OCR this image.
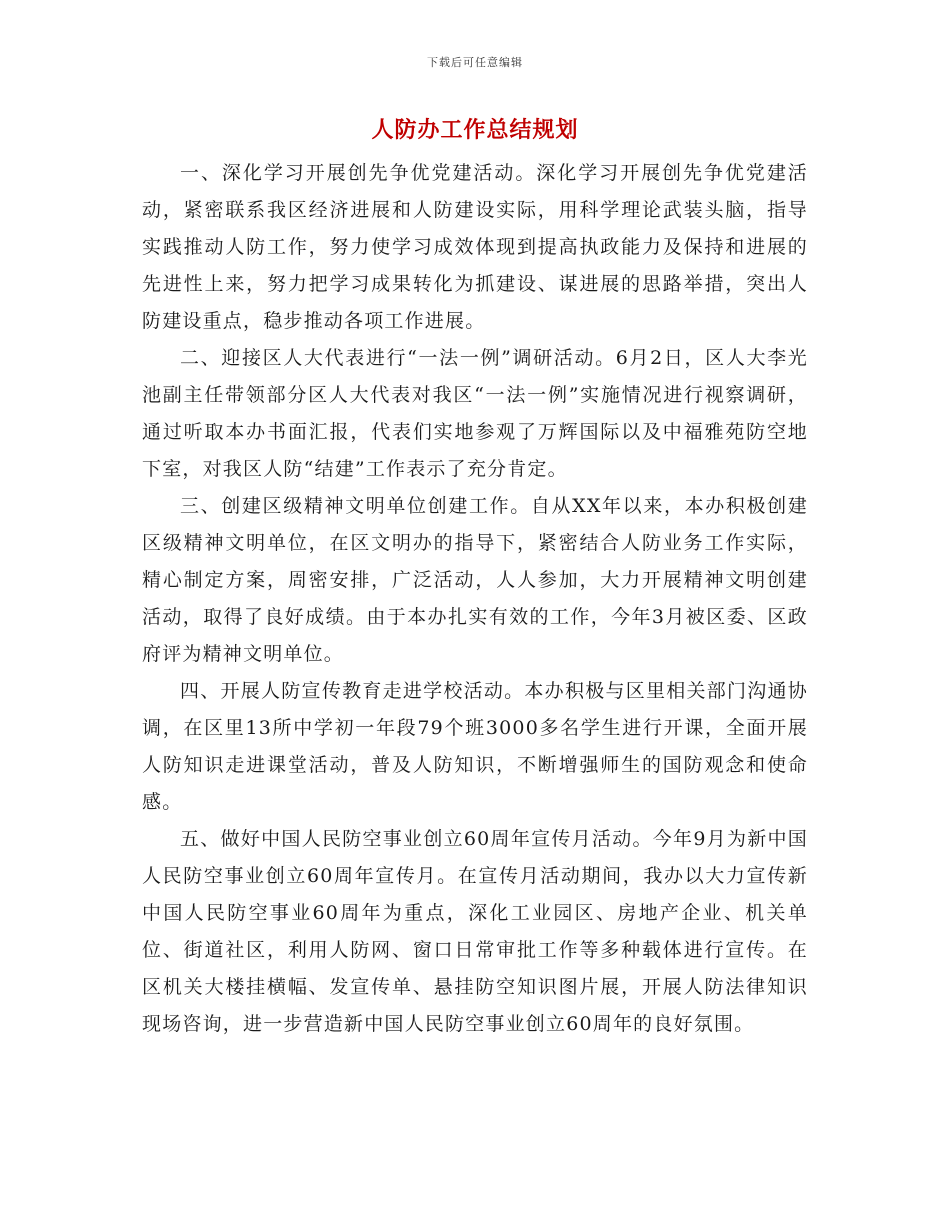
下载后可任意编辑
人防办工作总结规划

一、深化学习开展创先争优党建活动。深化学习开展创先争优党建活动，紧密联系我区经济进展和人防建设实际，用科学理论武装头脑，指导实践推动人防工作，努力使学习成效体现到提高执政能力及保持和进展的先进性上来，努力把学习成果转化为抓建设、谋进展的思路举措，突出人防建设重点，稳步推动各项工作进展。

二、迎接区人大代表进行“一法一例”调研活动。6月2日，区人大李光池副主任带领部分区人大代表对我区“一法一例”实施情况进行视察调研，通过听取本办书面汇报，代表们实地参观了万辉国际以及中福雅苑防空地下室，对我区人防“结建”工作表示了充分肯定。

三、创建区级精神文明单位创建工作。自从XX年以来，本办积极创建区级精神文明单位，在区文明办的指导下，紧密结合人防业务工作实际，精心制定方案，周密安排，广泛活动，人人参加，大力开展精神文明创建活动，取得了良好成绩。由于本办扎实有效的工作，今年3月被区委、区政府评为精神文明单位。

四、开展人防宣传教育走进学校活动。本办积极与区里相关部门沟通协调，在区里13所中学初一年段79个班3000多名学生进行开课，全面开展人防知识走进课堂活动，普及人防知识，不断增强师生的国防观念和使命感。

五、做好中国人民防空事业创立60周年宣传月活动。今年9月为新中国人民防空事业创立60周年宣传月。在宣传月活动期间，我办以大力宣传新中国人民防空事业60周年为重点，深化工业园区、房地产企业、机关单位、街道社区，利用人防网、窗口日常审批工作等多种载体进行宣传。在区机关大楼挂横幅、发宣传单、悬挂防空知识图片展，开展人防法律知识现场咨询，进一步营造新中国人民防空事业创立60周年的良好氛围。
